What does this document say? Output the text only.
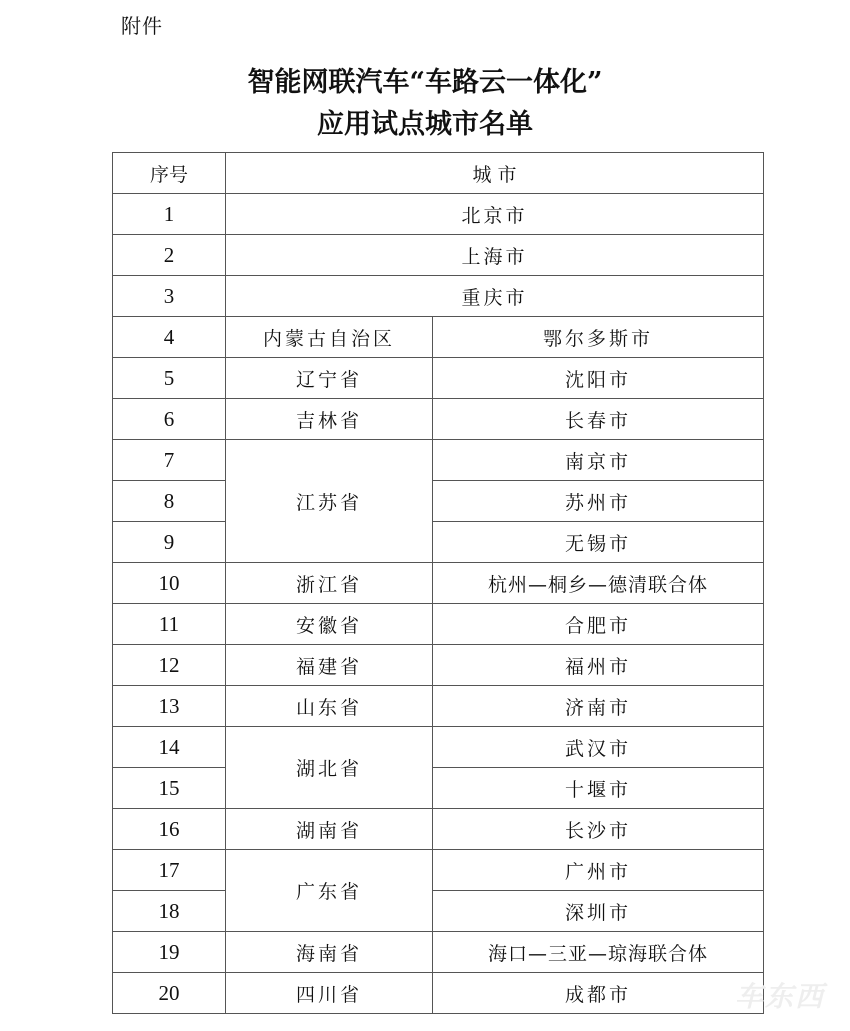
附件
智能网联汽车“车路云一体化”
应用试点城市名单
序号	城 市	
1	北京市	
2	上海市	
3	重庆市	
4	内蒙古自治区	鄂尔多斯市
5	辽宁省	沈阳市
6	吉林省	长春市
7	江苏省	南京市
8		苏州市
9		无锡市
10	浙江省	杭州—桐乡—德清联合体
11	安徽省	合肥市
12	福建省	福州市
13	山东省	济南市
14	湖北省	武汉市
15		十堰市
16	湖南省	长沙市
17	广东省	广州市
18		深圳市
19	海南省	海口—三亚—琼海联合体
20	四川省	成都市	车东西
